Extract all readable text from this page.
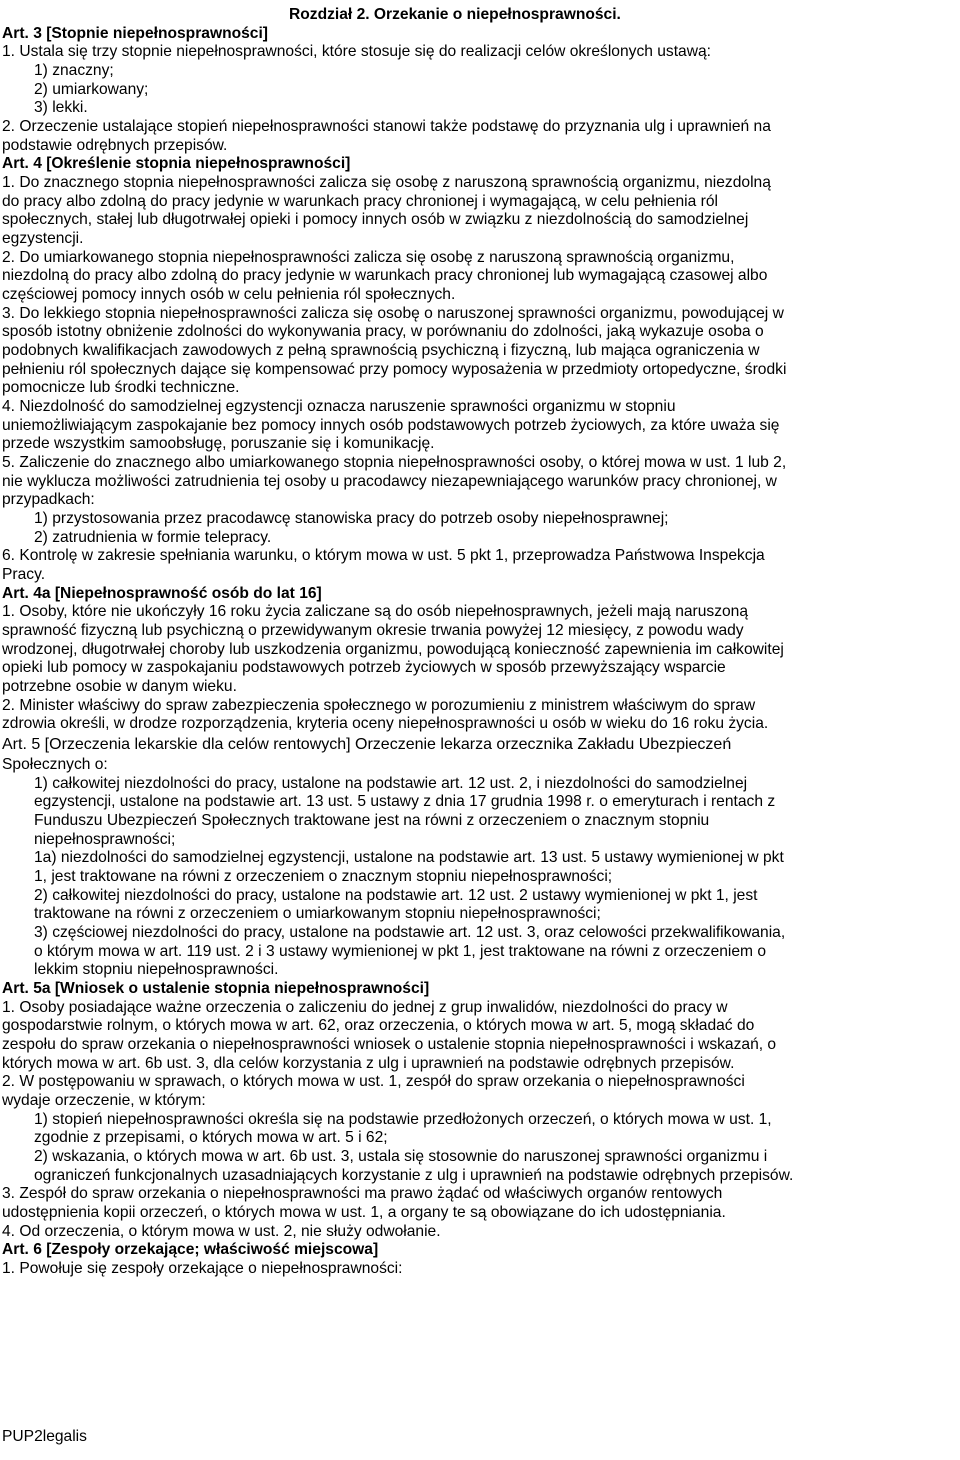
Rozdział 2. Orzekanie o niepełnosprawności.
Art. 3 [Stopnie niepełnosprawności]
1. Ustala się trzy stopnie niepełnosprawności, które stosuje się do realizacji celów określonych ustawą:
1) znaczny;
2) umiarkowany;
3) lekki.
2. Orzeczenie ustalające stopień niepełnosprawności stanowi także podstawę do przyznania ulg i uprawnień na
podstawie odrębnych przepisów.
Art. 4 [Określenie stopnia niepełnosprawności]
1. Do znacznego stopnia niepełnosprawności zalicza się osobę z naruszoną sprawnością organizmu, niezdolną
do pracy albo zdolną do pracy jedynie w warunkach pracy chronionej i wymagającą, w celu pełnienia ról
społecznych, stałej lub długotrwałej opieki i pomocy innych osób w związku z niezdolnością do samodzielnej
egzystencji.
2. Do umiarkowanego stopnia niepełnosprawności zalicza się osobę z naruszoną sprawnością organizmu,
niezdolną do pracy albo zdolną do pracy jedynie w warunkach pracy chronionej lub wymagającą czasowej albo
częściowej pomocy innych osób w celu pełnienia ról społecznych.
3. Do lekkiego stopnia niepełnosprawności zalicza się osobę o naruszonej sprawności organizmu, powodującej w
sposób istotny obniżenie zdolności do wykonywania pracy, w porównaniu do zdolności, jaką wykazuje osoba o
podobnych kwalifikacjach zawodowych z pełną sprawnością psychiczną i fizyczną, lub mająca ograniczenia w
pełnieniu ról społecznych dające się kompensować przy pomocy wyposażenia w przedmioty ortopedyczne, środki
pomocnicze lub środki techniczne.
4. Niezdolność do samodzielnej egzystencji oznacza naruszenie sprawności organizmu w stopniu
uniemożliwiającym zaspokajanie bez pomocy innych osób podstawowych potrzeb życiowych, za które uważa się
przede wszystkim samoobsługę, poruszanie się i komunikację.
5. Zaliczenie do znacznego albo umiarkowanego stopnia niepełnosprawności osoby, o której mowa w ust. 1 lub 2,
nie wyklucza możliwości zatrudnienia tej osoby u pracodawcy niezapewniającego warunków pracy chronionej, w
przypadkach:
1) przystosowania przez pracodawcę stanowiska pracy do potrzeb osoby niepełnosprawnej;
2) zatrudnienia w formie telepracy.
6. Kontrolę w zakresie spełniania warunku, o którym mowa w ust. 5 pkt 1, przeprowadza Państwowa Inspekcja
Pracy.
Art. 4a [Niepełnosprawność osób do lat 16]
1. Osoby, które nie ukończyły 16 roku życia zaliczane są do osób niepełnosprawnych, jeżeli mają naruszoną
sprawność fizyczną lub psychiczną o przewidywanym okresie trwania powyżej 12 miesięcy, z powodu wady
wrodzonej, długotrwałej choroby lub uszkodzenia organizmu, powodującą konieczność zapewnienia im całkowitej
opieki lub pomocy w zaspokajaniu podstawowych potrzeb życiowych w sposób przewyższający wsparcie
potrzebne osobie w danym wieku.
2. Minister właściwy do spraw zabezpieczenia społecznego w porozumieniu z ministrem właściwym do spraw
zdrowia określi, w drodze rozporządzenia, kryteria oceny niepełnosprawności u osób w wieku do 16 roku życia.
Art. 5 [Orzeczenia lekarskie dla celów rentowych] Orzeczenie lekarza orzecznika Zakładu Ubezpieczeń
Społecznych o:
1) całkowitej niezdolności do pracy, ustalone na podstawie art. 12 ust. 2, i niezdolności do samodzielnej
egzystencji, ustalone na podstawie art. 13 ust. 5 ustawy z dnia 17 grudnia 1998 r. o emeryturach i rentach z
Funduszu Ubezpieczeń Społecznych traktowane jest na równi z orzeczeniem o znacznym stopniu
niepełnosprawności;
1a) niezdolności do samodzielnej egzystencji, ustalone na podstawie art. 13 ust. 5 ustawy wymienionej w pkt
1, jest traktowane na równi z orzeczeniem o znacznym stopniu niepełnosprawności;
2) całkowitej niezdolności do pracy, ustalone na podstawie art. 12 ust. 2 ustawy wymienionej w pkt 1, jest
traktowane na równi z orzeczeniem o umiarkowanym stopniu niepełnosprawności;
3) częściowej niezdolności do pracy, ustalone na podstawie art. 12 ust. 3, oraz celowości przekwalifikowania,
o którym mowa w art. 119 ust. 2 i 3 ustawy wymienionej w pkt 1, jest traktowane na równi z orzeczeniem o
lekkim stopniu niepełnosprawności.
Art. 5a [Wniosek o ustalenie stopnia niepełnosprawności]
1. Osoby posiadające ważne orzeczenia o zaliczeniu do jednej z grup inwalidów, niezdolności do pracy w
gospodarstwie rolnym, o których mowa w art. 62, oraz orzeczenia, o których mowa w art. 5, mogą składać do
zespołu do spraw orzekania o niepełnosprawności wniosek o ustalenie stopnia niepełnosprawności i wskazań, o
których mowa w art. 6b ust. 3, dla celów korzystania z ulg i uprawnień na podstawie odrębnych przepisów.
2. W postępowaniu w sprawach, o których mowa w ust. 1, zespół do spraw orzekania o niepełnosprawności
wydaje orzeczenie, w którym:
1) stopień niepełnosprawności określa się na podstawie przedłożonych orzeczeń, o których mowa w ust. 1,
zgodnie z przepisami, o których mowa w art. 5 i 62;
2) wskazania, o których mowa w art. 6b ust. 3, ustala się stosownie do naruszonej sprawności organizmu i
ograniczeń funkcjonalnych uzasadniających korzystanie z ulg i uprawnień na podstawie odrębnych przepisów.
3. Zespół do spraw orzekania o niepełnosprawności ma prawo żądać od właściwych organów rentowych
udostępnienia kopii orzeczeń, o których mowa w ust. 1, a organy te są obowiązane do ich udostępniania.
4. Od orzeczenia, o którym mowa w ust. 2, nie służy odwołanie.
Art. 6 [Zespoły orzekające; właściwość miejscowa]
1. Powołuje się zespoły orzekające o niepełnosprawności:
PUP2legalis
